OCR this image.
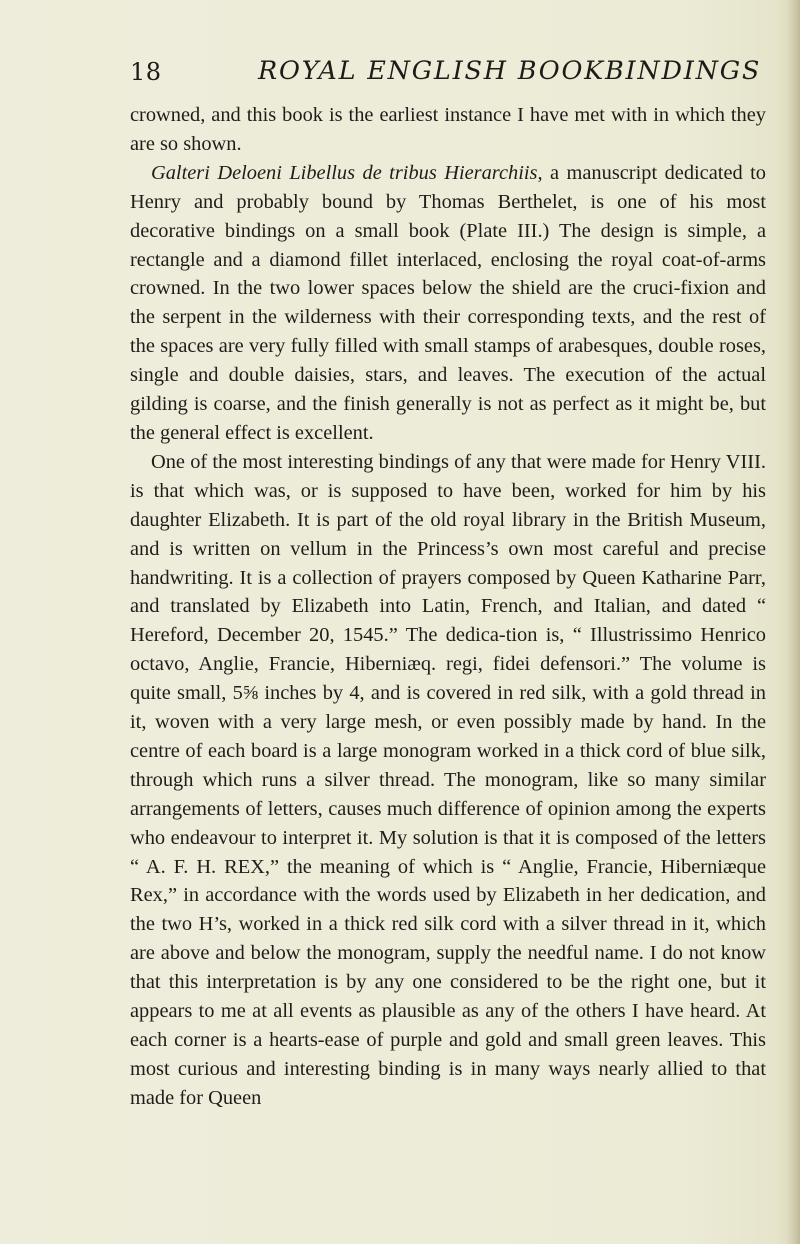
18	ROYAL ENGLISH BOOKBINDINGS

crowned, and this book is the earliest instance I have met with in which they are so shown.

Galteri Deloeni Libellus de tribus Hierarchiis, a manuscript dedicated to Henry and probably bound by Thomas Berthelet, is one of his most decorative bindings on a small book (Plate III.) The design is simple, a rectangle and a diamond fillet interlaced, enclosing the royal coat-of-arms crowned. In the two lower spaces below the shield are the cruci-fixion and the serpent in the wilderness with their corresponding texts, and the rest of the spaces are very fully filled with small stamps of arabesques, double roses, single and double daisies, stars, and leaves. The execution of the actual gilding is coarse, and the finish generally is not as perfect as it might be, but the general effect is excellent.

One of the most interesting bindings of any that were made for Henry VIII. is that which was, or is supposed to have been, worked for him by his daughter Elizabeth. It is part of the old royal library in the British Museum, and is written on vellum in the Princess’s own most careful and precise handwriting. It is a collection of prayers composed by Queen Katharine Parr, and translated by Elizabeth into Latin, French, and Italian, and dated “ Hereford, December 20, 1545.” The dedica-tion is, “ Illustrissimo Henrico octavo, Anglie, Francie, Hiberniæq. regi, fidei defensori.” The volume is quite small, 5⅝ inches by 4, and is covered in red silk, with a gold thread in it, woven with a very large mesh, or even possibly made by hand. In the centre of each board is a large monogram worked in a thick cord of blue silk, through which runs a silver thread. The monogram, like so many similar arrangements of letters, causes much difference of opinion among the experts who endeavour to interpret it. My solution is that it is composed of the letters “ A. F. H. REX,” the meaning of which is “ Anglie, Francie, Hiberniæque Rex,” in accordance with the words used by Elizabeth in her dedication, and the two H’s, worked in a thick red silk cord with a silver thread in it, which are above and below the monogram, supply the needful name. I do not know that this interpretation is by any one considered to be the right one, but it appears to me at all events as plausible as any of the others I have heard. At each corner is a hearts-ease of purple and gold and small green leaves. This most curious and interesting binding is in many ways nearly allied to that made for Queen
